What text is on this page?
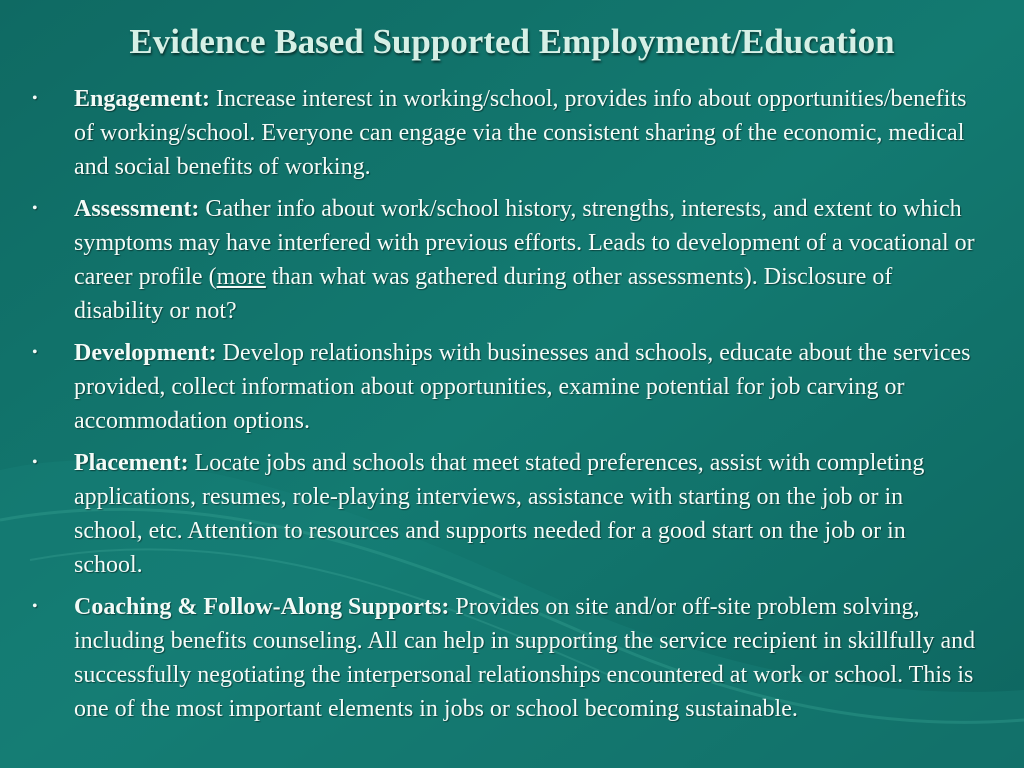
Evidence Based Supported Employment/Education
• Engagement: Increase interest in working/school, provides info about opportunities/benefits of working/school. Everyone can engage via the consistent sharing of the economic, medical and social benefits of working.
• Assessment: Gather info about work/school history, strengths, interests, and extent to which symptoms may have interfered with previous efforts. Leads to development of a vocational or career profile (more than what was gathered during other assessments). Disclosure of disability or not?
• Development: Develop relationships with businesses and schools, educate about the services provided, collect information about opportunities, examine potential for job carving or accommodation options.
• Placement: Locate jobs and schools that meet stated preferences, assist with completing applications, resumes, role-playing interviews, assistance with starting on the job or in school, etc. Attention to resources and supports needed for a good start on the job or in school.
• Coaching & Follow-Along Supports: Provides on site and/or off-site problem solving, including benefits counseling. All can help in supporting the service recipient in skillfully and successfully negotiating the interpersonal relationships encountered at work or school. This is one of the most important elements in jobs or school becoming sustainable.
